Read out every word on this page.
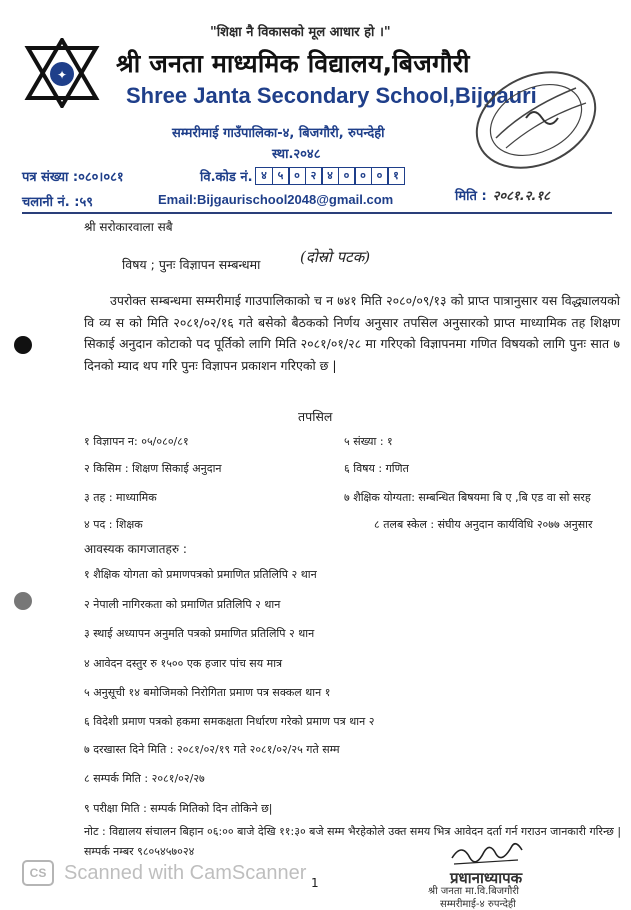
"शिक्षा नै विकासको मूल आधार हो ।"
✦ श्री जनता माध्यमिक विद्यालय,बिजगौरी
Shree Janta Secondary School,Bijgauri
सम्मरीमाई गाउँपालिका-४, बिजगौरी, रुपन्देही
स्था.२०४८
पत्र संख्या :०८०।०८१
चलानी नं. :५९
वि.कोड नं. ४ ५ ० २ ४ ० ० ० १
Email:Bijgaurischool2048@gmail.com	मिति : २०८१.२.१८
श्री सरोकारवाला सबै
विषय ; पुनः विज्ञापन सम्बन्धमा	(दोस्रो पटक)
उपरोक्त सम्बन्धमा सम्मरीमाई गाउपालिकाको च न ७४१ मिति २०८०/०९/१३ को प्राप्त पात्रानुसार यस विद्ध्यालयको वि व्य स को मिति २०८१/०२/१६ गते बसेको बैठकको निर्णय अनुसार तपसिल अनुसारको प्राप्त माध्यामिक तह शिक्षण सिकाई अनुदान कोटाको पद पूर्तिको लागि मिति २०८१/०१/२८ मा गरिएको विज्ञापनमा गणित विषयको लागि पुनः सात ७ दिनको म्याद थप गरि पुनः विज्ञापन प्रकाशन गरिएको छ |
तपसिल
१ विज्ञापन न: ०५/०८०/८१
२ किसिम : शिक्षण सिकाई अनुदान
३ तह : माध्यामिक
४ पद : शिक्षक
५ संख्या : १
६ विषय : गणित
७ शैक्षिक योग्यता: सम्बन्धित बिषयमा बि ए ,बि एड वा सो सरह
८ तलब स्केल : संघीय अनुदान कार्यविधि २०७७ अनुसार
आवस्यक कागजातहरु :
१ शैक्षिक योगता को प्रमाणपत्रको प्रमाणित प्रतिलिपि २ थान
२ नेपाली नागिरकता को प्रमाणित प्रतिलिपि २ थान
३ स्थाई अध्यापन अनुमति पत्रको प्रमाणित प्रतिलिपि २ थान
४ आवेदन दस्तुर रु १५०० एक हजार पांच सय मात्र
५ अनुसूची १४ बमोजिमको निरोगिता प्रमाण पत्र सक्कल थान १
६ विदेशी प्रमाण पत्रको हकमा समकक्षता निर्धारण गरेको प्रमाण पत्र थान २
७ दरखास्त दिने मिति : २०८१/०२/१९ गते २०८१/०२/२५ गते सम्म
८ सम्पर्क मिति : २०८१/०२/२७
९ परीक्षा मिति : सम्पर्क मितिको दिन तोकिने छ|
नोट : विद्यालय संचालन बिहान ०६:०० बाजे देखि ११:३० बजे सम्म भैरहेकोले उक्त समय भित्र आवेदन दर्ता गर्न गराउन जानकारी गरिन्छ |सम्पर्क नम्बर ९८०५४५७०२४
प्रधानाध्यापक
श्री जनता मा.वि.बिजगौरी
सम्मरीमाई-४ रुपन्देही
CS Scanned with CamScanner 1
